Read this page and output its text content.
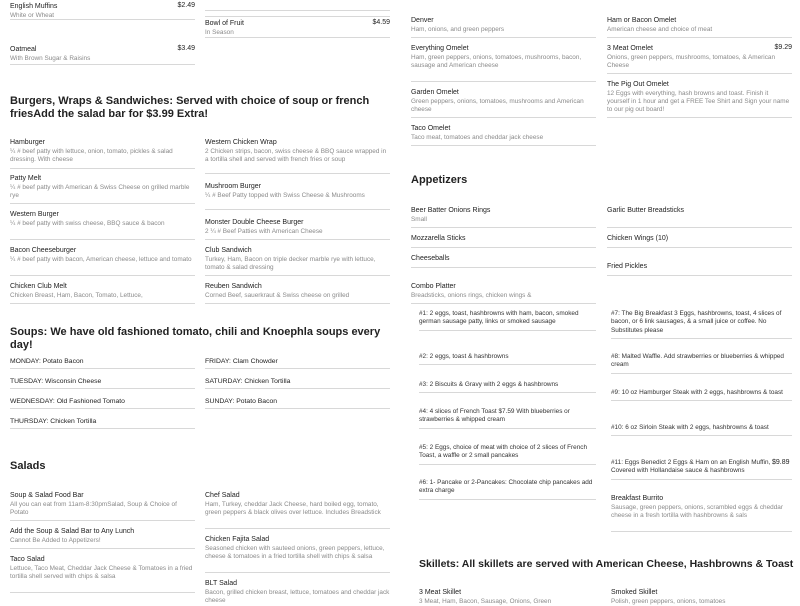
English Muffins
White or Wheat
$2.49
Bowl of Fruit
In Season
$4.59
Oatmeal
With Brown Sugar & Raisins
$3.49
Burgers, Wraps & Sandwiches: Served with choice of soup or french friesAdd the salad bar for $3.99 Extra!
Hamburger
¼ # beef patty with lettuce, onion, tomato, pickles & salad dressing. With cheese
Western Chicken Wrap
2 Chicken strips, bacon, swiss cheese & BBQ sauce wrapped in a tortilla shell and served with french fries or soup
Patty Melt
¼ # beef patty with American & Swiss Cheese on grilled marble rye
Mushroom Burger
¼ # Beef Patty topped with Swiss Cheese & Mushrooms
Western Burger
¼ # beef patty with swiss cheese, BBQ sauce & bacon	Monster Double Cheese Burger
2 ¼ # Beef Patties with American Cheese
Bacon Cheeseburger
¼ # beef patty with bacon, American cheese, lettuce and tomato
Club Sandwich
Turkey, Ham, Bacon on triple decker marble rye with lettuce, tomato & salad dressing
Chicken Club Melt
Chicken Breast, Ham, Bacon, Tomato, Lettuce,
Reuben Sandwich
Corned Beef, sauerkraut & Swiss cheese on grilled
Soups: We have old fashioned tomato, chili and Knoephla soups every day!
MONDAY: Potato Bacon	FRIDAY: Clam Chowder
TUESDAY: Wisconsin Cheese	SATURDAY: Chicken Tortilla
WEDNESDAY: Old Fashioned Tomato	SUNDAY: Potato Bacon
THURSDAY: Chicken Tortilla
Salads
Soup & Salad Food Bar
All you can eat from 11am-8:30pmSalad, Soup & Choice of Potato
Chef Salad
Ham, Turkey, cheddar Jack Cheese, hard boiled egg, tomato, green peppers & black olives over lettuce. Includes Breadstick
Add the Soup & Salad Bar to Any Lunch
Cannot Be Added to Appetizers!	Chicken Fajita Salad
Seasoned chicken with sauteed onions, green peppers, lettuce, cheese & tomatoes in a fried tortilla shell with chips & salsa
Taco Salad
Lettuce, Taco Meat, Cheddar Jack Cheese & Tomatoes in a fried tortilla shell served with chips & salsa
BLT Salad
Bacon, grilled chicken breast, lettuce, tomatoes and cheddar jack cheese
Denver
Ham, onions, and green peppers
Ham or Bacon Omelet
American cheese and choice of meat
Everything Omelet
Ham, green peppers, onions, tomatoes, mushrooms, bacon, sausage and American cheese
3 Meat Omelet
Onions, green peppers, mushrooms, tomatoes, & American Cheese
$9.29
Garden Omelet
Green peppers, onions, tomatoes, mushrooms and American cheese
The Pig Out Omelet
12 Eggs with everything, hash browns and toast. Finish it yourself in 1 hour and get a FREE Tee Shirt and Sign your name to our pig out board!
Taco Omelet
Taco meat, tomatoes and cheddar jack cheese
Appetizers
Beer Batter Onions Rings
Small
Garlic Butter Breadsticks
Mozzarella Sticks	Chicken Wings (10)
Cheeseballs
Fried Pickles
Combo Platter
Breadsticks, onions rings, chicken wings &
#1: 2 eggs, toast, hashbrowns with ham, bacon, smoked german sausage patty, links or smoked sausage
#7: The Big Breakfast 3 Eggs, hashbrowns, toast, 4 slices of bacon, or 6 link sausages, & a small juice or coffee. No Substitutes please
#2: 2 eggs, toast & hashbrowns	#8: Malted Waffle. Add strawberries or blueberries & whipped cream
#3: 2 Biscuits & Gravy with 2 eggs & hashbrowns
#9: 10 oz Hamburger Steak with 2 eggs, hashbrowns & toast
#4: 4 slices of French Toast $7.59 With blueberries or strawberries & whipped cream
#10: 6 oz Sirloin Steak with 2 eggs, hashbrowns & toast
#5: 2 Eggs, choice of meat with choice of 2 slices of French Toast, a waffle or 2 small pancakes
#11: Eggs Benedict 2 Eggs & Ham on an English Muffin, Covered with Hollandaise sauce & hashbrowns
$9.89
#6: 1- Pancake or 2-Pancakes: Chocolate chip pancakes add extra charge
Breakfast Burrito
Sausage, green peppers, onions, scrambled eggs & cheddar cheese in a fresh tortilla with hashbrowns & sals
Skillets: All skillets are served with American Cheese, Hashbrowns & Toast
3 Meat Skillet
3 Meat, Ham, Bacon, Sausage, Onions, Green
Smoked Skillet
Polish, green peppers, onions, tomatoes
